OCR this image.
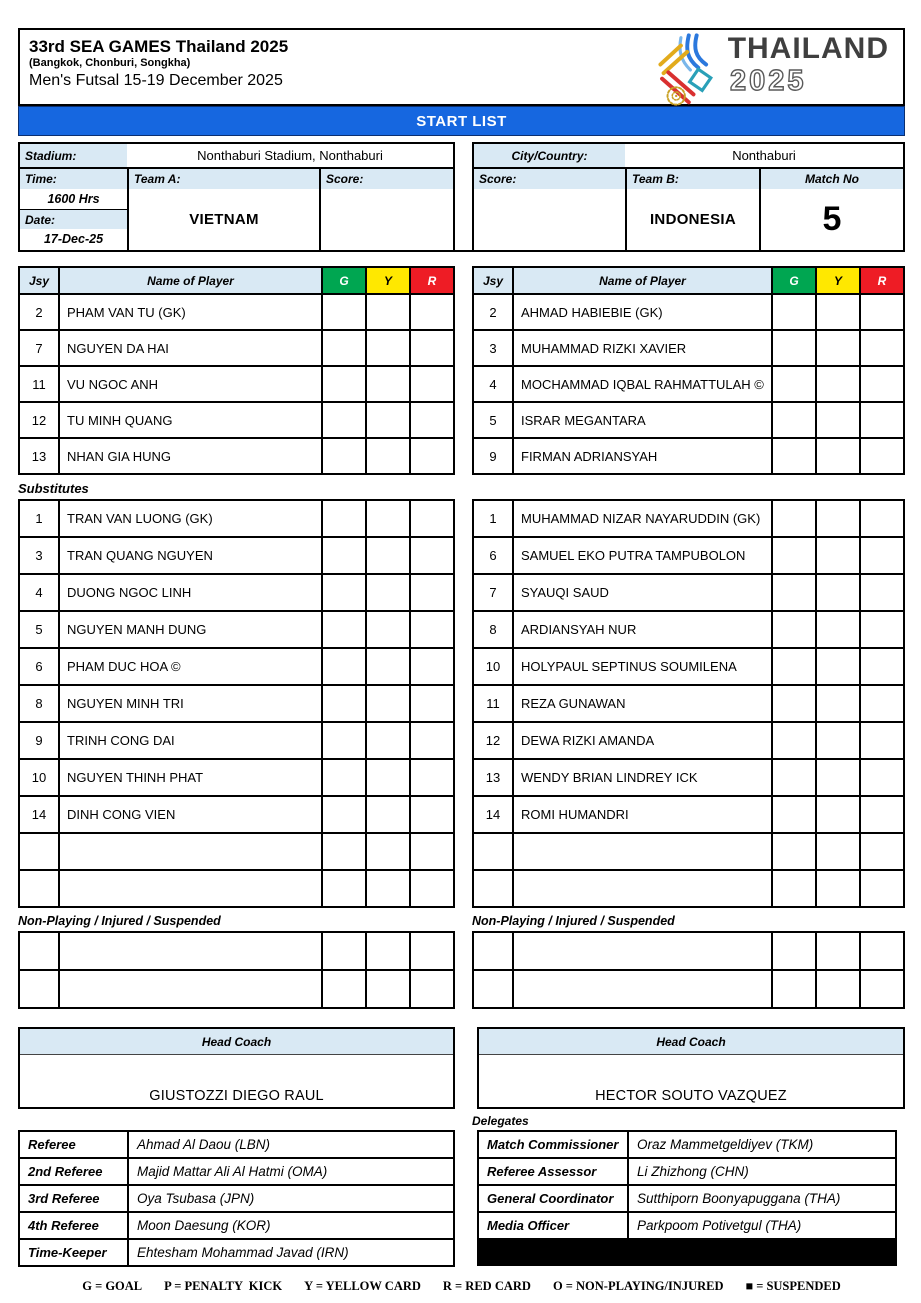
33rd SEA GAMES Thailand 2025
(Bangkok, Chonburi, Songkha)
Men's Futsal 15-19 December 2025
THAILAND
2025
START LIST
Stadium:	Nonthaburi Stadium, Nonthaburi
Time:
1600 Hrs
Date:
17-Dec-25
Team A:
VIETNAM
Score:
City/Country:	Nonthaburi
Score:	Team B:
INDONESIA
Match No
5
Jsy	Name of Player	G	Y	R
2	PHAM VAN TU (GK)
7	NGUYEN DA HAI
11	VU NGOC ANH
12	TU MINH QUANG
13	NHAN GIA HUNG
Jsy	Name of Player	G	Y	R
2	AHMAD HABIEBIE (GK)
3	MUHAMMAD RIZKI XAVIER
4	MOCHAMMAD IQBAL RAHMATTULAH ©
5	ISRAR MEGANTARA
9	FIRMAN ADRIANSYAH
Substitutes
1	TRAN VAN LUONG (GK)
3	TRAN QUANG NGUYEN
4	DUONG NGOC LINH
5	NGUYEN MANH DUNG
6	PHAM DUC HOA ©
8	NGUYEN MINH TRI
9	TRINH CONG DAI
10	NGUYEN THINH PHAT
14	DINH CONG VIEN
1	MUHAMMAD NIZAR NAYARUDDIN (GK)
6	SAMUEL EKO PUTRA TAMPUBOLON
7	SYAUQI SAUD
8	ARDIANSYAH NUR
10	HOLYPAUL SEPTINUS SOUMILENA
11	REZA GUNAWAN
12	DEWA RIZKI AMANDA
13	WENDY BRIAN LINDREY ICK
14	ROMI HUMANDRI
Non-Playing / Injured / Suspended	Non-Playing / Injured / Suspended
Head Coach
GIUSTOZZI DIEGO RAUL
Head Coach
HECTOR SOUTO VAZQUEZ
Delegates
Referee	Ahmad Al Daou (LBN)
2nd Referee	Majid Mattar Ali Al Hatmi (OMA)
3rd Referee	Oya Tsubasa (JPN)
4th Referee	Moon Daesung (KOR)
Time-Keeper	Ehtesham Mohammad Javad (IRN)
Match Commissioner	Oraz Mammetgeldiyev (TKM)
Referee Assessor	Li Zhizhong (CHN)
General Coordinator	Sutthiporn Boonyapuggana (THA)
Media Officer	Parkpoom Potivetgul (THA)
G = GOAL P = PENALTY  KICK Y = YELLOW CARD R = RED CARD O = NON-PLAYING/INJURED ■ = SUSPENDED
